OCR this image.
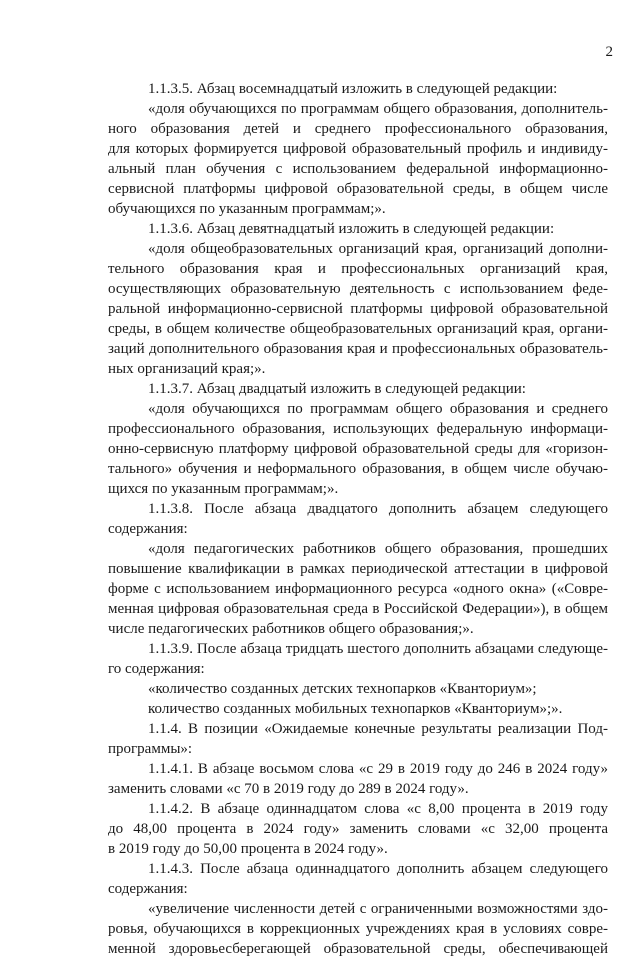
2
1.1.3.5. Абзац восемнадцатый изложить в следующей редакции:
«доля обучающихся по программам общего образования, дополнитель-
ного образования детей и среднего профессионального образования,
для которых формируется цифровой образовательный профиль и индивиду-
альный план обучения с использованием федеральной информационно-
сервисной платформы цифровой образовательной среды, в общем числе
обучающихся по указанным программам;».
1.1.3.6. Абзац девятнадцатый изложить в следующей редакции:
«доля общеобразовательных организаций края, организаций дополни-
тельного образования края и профессиональных организаций края,
осуществляющих образовательную деятельность с использованием феде-
ральной информационно-сервисной платформы цифровой образовательной
среды, в общем количестве общеобразовательных организаций края, органи-
заций дополнительного образования края и профессиональных образователь-
ных организаций края;».
1.1.3.7. Абзац двадцатый изложить в следующей редакции:
«доля обучающихся по программам общего образования и среднего
профессионального образования, использующих федеральную информаци-
онно-сервисную платформу цифровой образовательной среды для «горизон-
тального» обучения и неформального образования, в общем числе обучаю-
щихся по указанным программам;».
1.1.3.8. После абзаца двадцатого дополнить абзацем следующего
содержания:
«доля педагогических работников общего образования, прошедших
повышение квалификации в рамках периодической аттестации в цифровой
форме с использованием информационного ресурса «одного окна» («Совре-
менная цифровая образовательная среда в Российской Федерации»), в общем
числе педагогических работников общего образования;».
1.1.3.9. После абзаца тридцать шестого дополнить абзацами следующе-
го содержания:
«количество созданных детских технопарков «Кванториум»;
количество созданных мобильных технопарков «Кванториум»;».
1.1.4. В позиции «Ожидаемые конечные результаты реализации Под-
программы»:
1.1.4.1. В абзаце восьмом слова «с 29 в 2019 году до 246 в 2024 году»
заменить словами «с 70 в 2019 году до 289 в 2024 году».
1.1.4.2. В абзаце одиннадцатом слова «с 8,00 процента в 2019 году
до 48,00 процента в 2024 году» заменить словами «с 32,00 процента
в 2019 году до 50,00 процента в 2024 году».
1.1.4.3. После абзаца одиннадцатого дополнить абзацем следующего
содержания:
«увеличение численности детей с ограниченными возможностями здо-
ровья, обучающихся в коррекционных учреждениях края в условиях совре-
менной здоровьесберегающей образовательной среды, обеспечивающей
